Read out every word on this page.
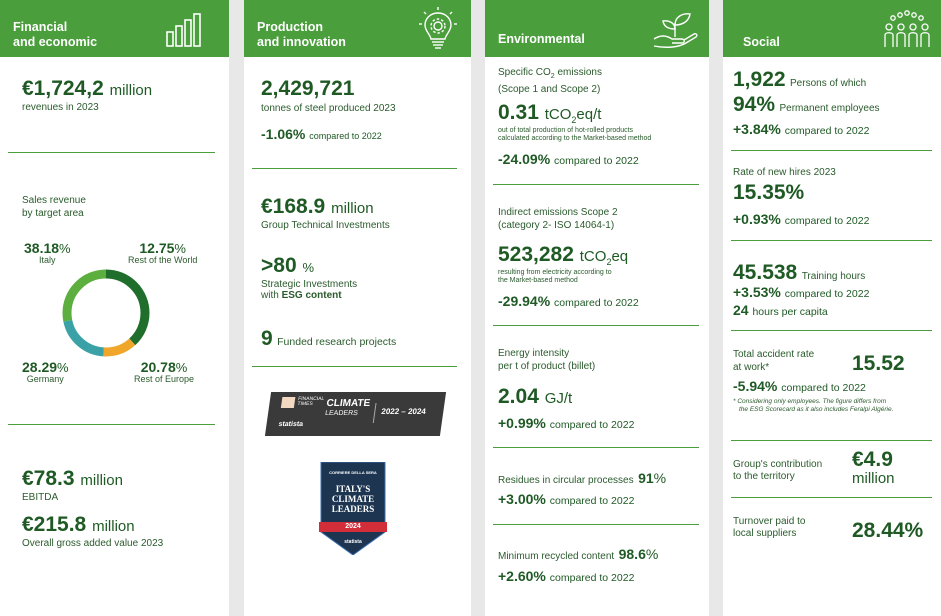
Financial
and economic
€1,724,2 million
revenues in 2023
Sales revenue
by target area
38.18%
Italy
12.75%
Rest of the World
28.29%
Germany
20.78%
Rest of Europe
€78.3 million
EBITDA
€215.8 million
Overall gross added value 2023
Production
and innovation
2,429,721
tonnes of steel produced 2023
-1.06% compared to 2022
€168.9 million
Group Technical Investments
>80 %
Strategic Investments
with ESG content
9 Funded research projects
FINANCIAL TIMES	CLIMATE
LEADERS
statista
2022 – 2024
CORRIERE DELLA SERA
ITALY'S
CLIMATE
LEADERS
2024
statista
Environmental
Specific $CO_2$ emissions
(Scope 1 and Scope 2)
0.31 tCO$_2$eq/t
out of total production of hot-rolled products
calculated according to the Market-based method
-24.09% compared to 2022
Indirect emissions Scope 2
(category 2- ISO 14064-1)
523,282 tCO$_2$eq
resulting from electricity according to
the Market-based method
-29.94% compared to 2022
Energy intensity
per t of product (billet)
2.04 GJ/t
+0.99% compared to 2022
Residues in circular processes 91%
+3.00% compared to 2022
Minimum recycled content 98.6%
+2.60% compared to 2022
Social
1,922 Persons of which
94% Permanent employees
+3.84% compared to 2022
Rate of new hires 2023
15.35%
+0.93% compared to 2022
45.538 Training hours
+3.53% compared to 2022
24 hours per capita
Total accident rate
at work*	15.52
-5.94% compared to 2022
* Considering only employees. The figure differs from
the ESG Scorecard as it also includes Feralpi Algérie.
Group's contribution
to the territory
€4.9
million
Turnover paid to
local suppliers	28.44%
